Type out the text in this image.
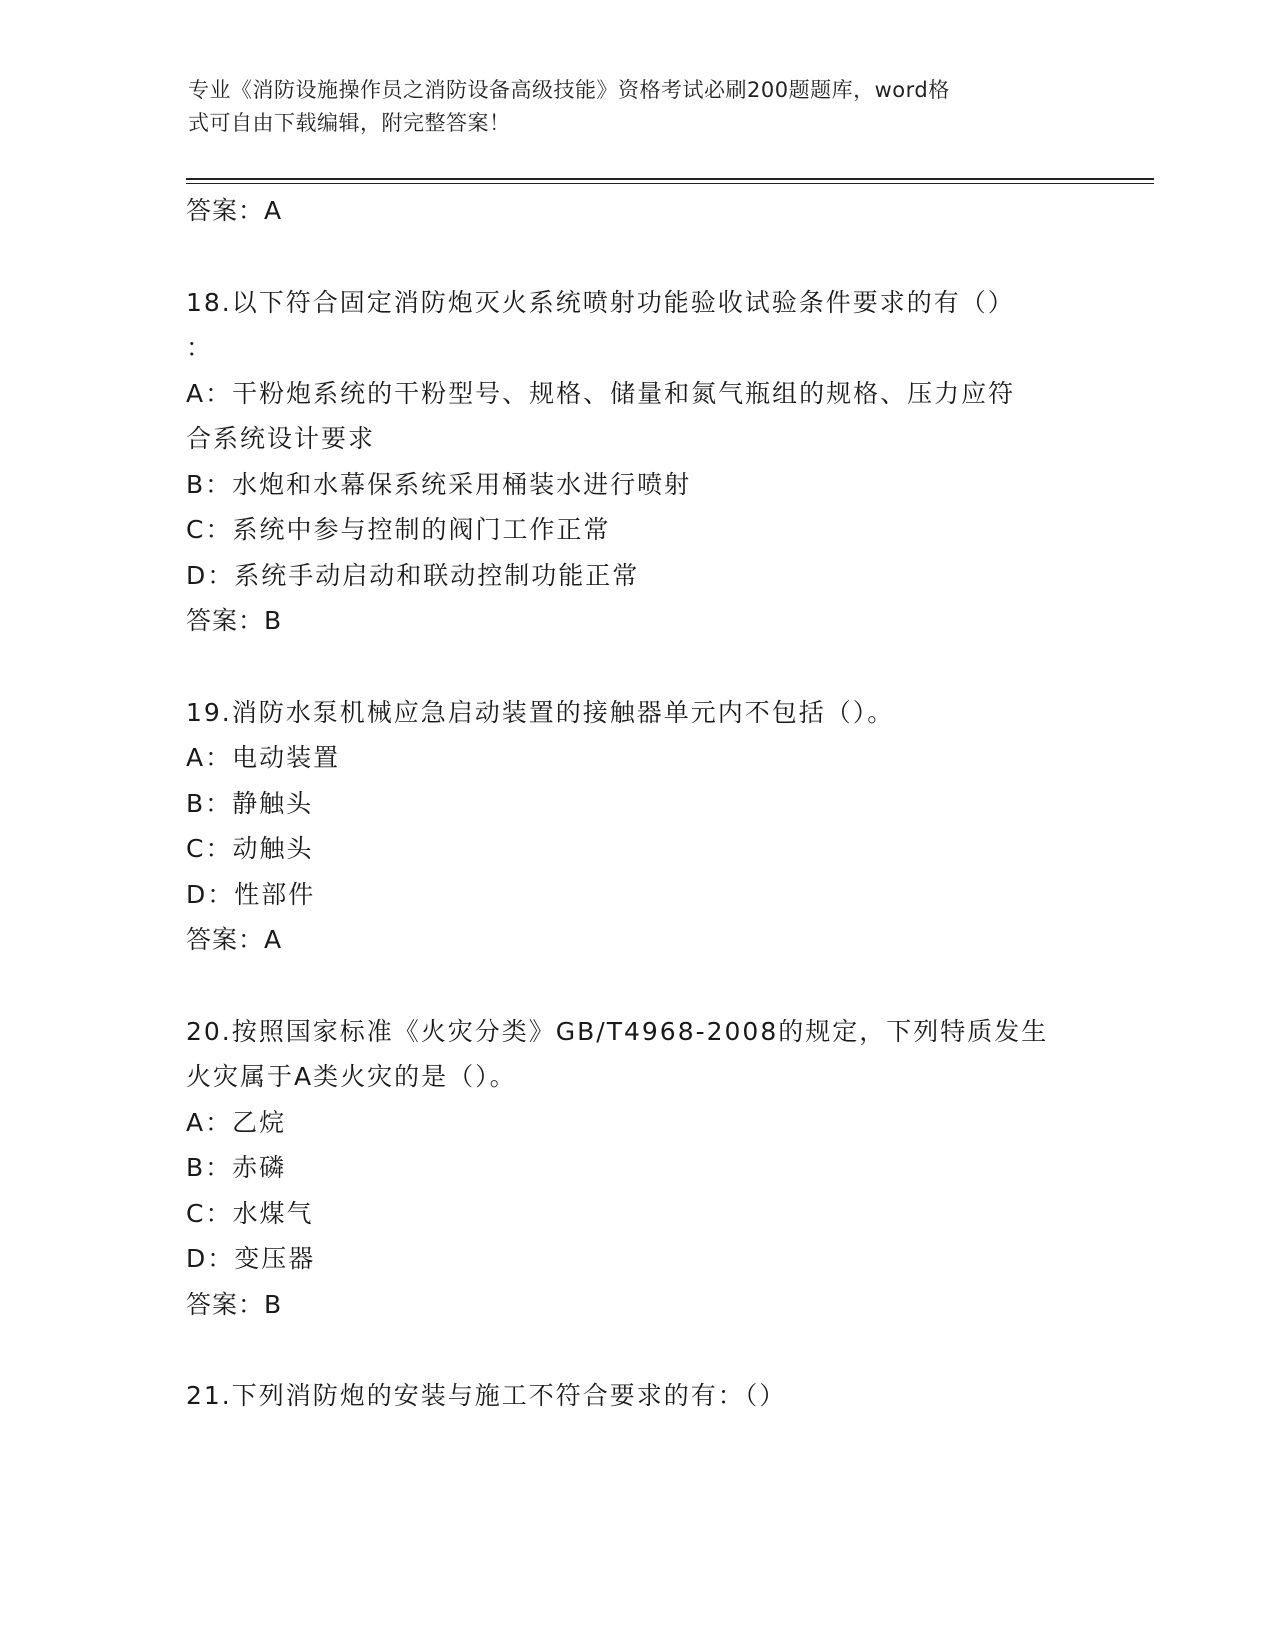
专业《消防设施操作员之消防设备高级技能》资格考试必刷200题题库，word格
式可自由下载编辑，附完整答案！
答案：A
18.以下符合固定消防炮灭火系统喷射功能验收试验条件要求的有（）
：
A：干粉炮系统的干粉型号、规格、储量和氮气瓶组的规格、压力应符
合系统设计要求
B：水炮和水幕保系统采用桶装水进行喷射
C：系统中参与控制的阀门工作正常
D：系统手动启动和联动控制功能正常
答案：B
19.消防水泵机械应急启动装置的接触器单元内不包括（）。
A：电动装置
B：静触头
C：动触头
D：性部件
答案：A
20.按照国家标准《火灾分类》GB/T4968-2008的规定，下列特质发生
火灾属于A类火灾的是（）。
A：乙烷
B：赤磷
C：水煤气
D：变压器
答案：B
21.下列消防炮的安装与施工不符合要求的有：（）
